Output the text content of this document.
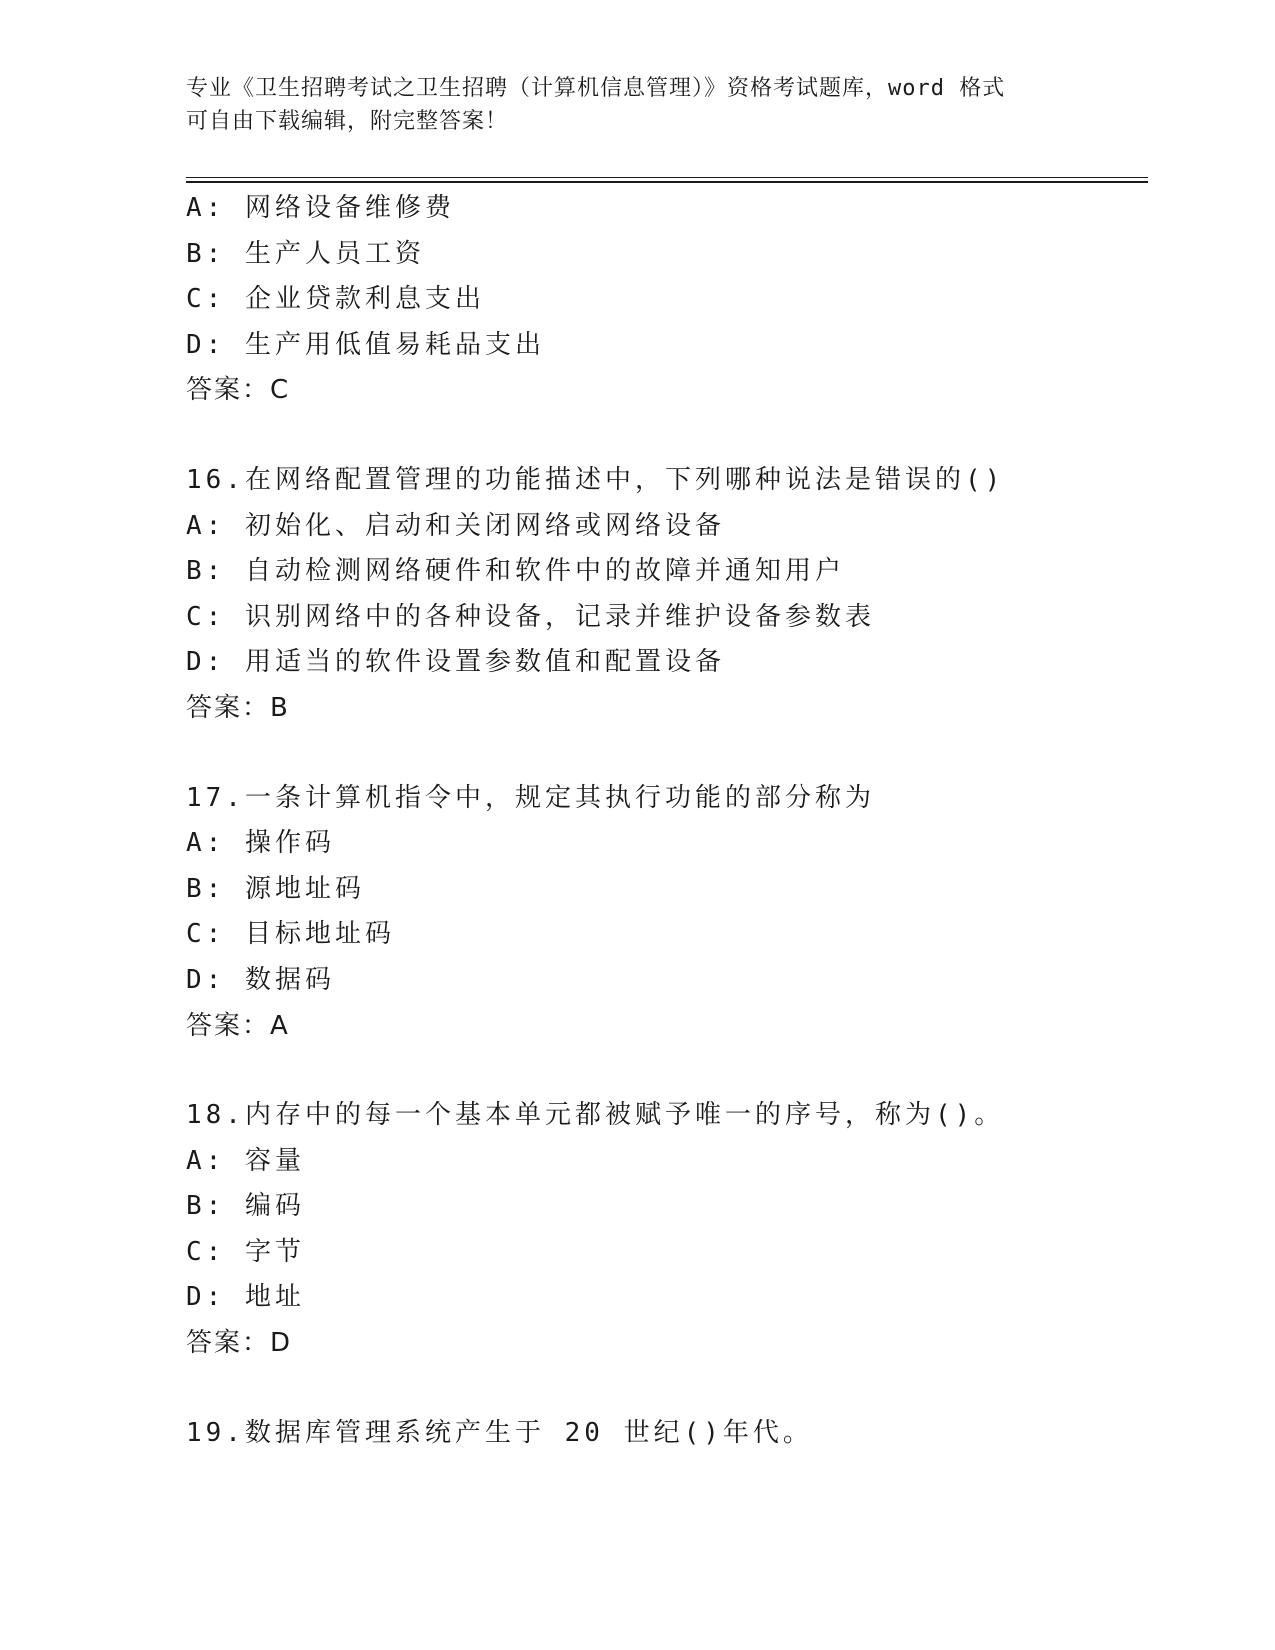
专业《卫生招聘考试之卫生招聘（计算机信息管理）》资格考试题库，word 格式
可自由下载编辑，附完整答案！
A: 网络设备维修费
B: 生产人员工资
C: 企业贷款利息支出
D: 生产用低值易耗品支出
答案：C
16.在网络配置管理的功能描述中，下列哪种说法是错误的()
A: 初始化、启动和关闭网络或网络设备
B: 自动检测网络硬件和软件中的故障并通知用户
C: 识别网络中的各种设备，记录并维护设备参数表
D: 用适当的软件设置参数值和配置设备
答案：B
17.一条计算机指令中，规定其执行功能的部分称为
A: 操作码
B: 源地址码
C: 目标地址码
D: 数据码
答案：A
18.内存中的每一个基本单元都被赋予唯一的序号，称为()。
A: 容量
B: 编码
C: 字节
D: 地址
答案：D
19.数据库管理系统产生于 20 世纪()年代。
